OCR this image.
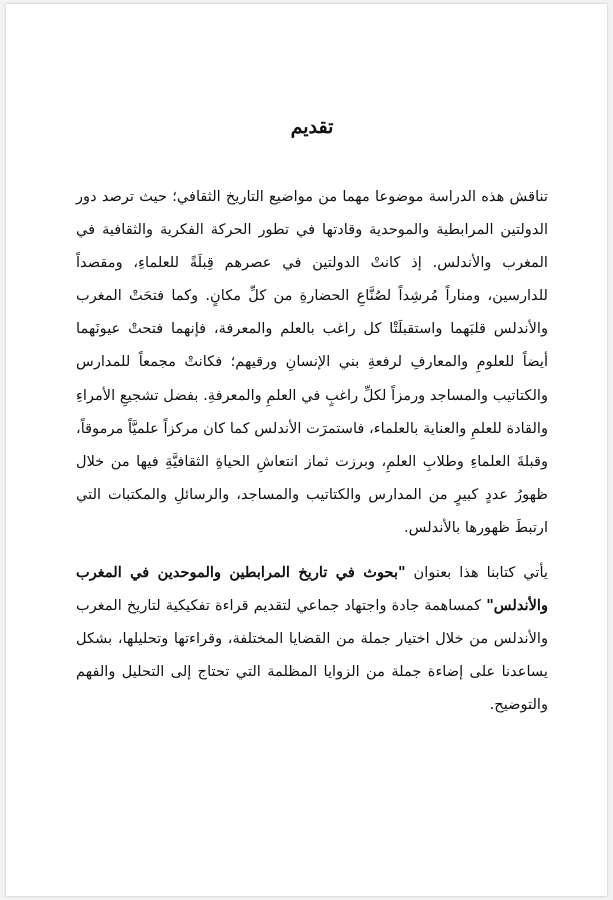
تقديم

تناقش هذه الدراسة موضوعا مهما من مواضيع التاريخ الثقافي؛ حيث ترصد دور الدولتين المرابطية والموحدية وقادتها في تطور الحركة الفكرية والثقافية في المغرب والأندلس. إذ كانتْ الدولتين في عصرهم قِبلَةً للعلماءِ، ومقصداً للدارسين، ومناراً مُرشِداً لصُنَّاعِ الحضارةِ من كلِّ مكانٍ. وكما فتحَتْ المغرب والأندلس قلبَهما واستقبلَتْا كل راغب بالعلم والمعرفة، فإنهما فتحتْ عيونَهما أيضاً للعلومِ والمعارفِ لرفعةِ بني الإنسانِ ورقيهم؛ فكانتْ مجمعاً للمدارس والكتاتيب والمساجد ورمزاً لكلِّ راغبٍ في العلمِ والمعرفةِ. بفضل تشجيعِ الأمراءِ والقادة للعلمِ والعناية بالعلماء، فاستمرَت الأندلس كما كان مركزاً علميَّاً مرموقاً، وقبلةَ العلماءِ وطلابِ العلمِ، وبرزت ثماز انتعاشِ الحياةِ الثقافيَّةِ فيها من خلال ظهورُ عددٍ كبيرٍ من المدارس والكتاتيب والمساجد، والرسائلِ والمكتبات التي ارتبطَ ظهورها بالأندلس.

يأتي كتابنا هذا بعنوان "بحوث في تاريخ المرابطين والموحدين في المغرب والأندلس" كمساهمة جادة واجتهاد جماعي لتقديم قراءة تفكيكية لتاريخ المغرب والأندلس من خلال اختيار جملة من القضايا المختلفة، وقراءتها وتحليلها، بشكل يساعدنا على إضاءة جملة من الزوايا المظلمة التي تحتاج إلى التحليل والفهم والتوضيح.
